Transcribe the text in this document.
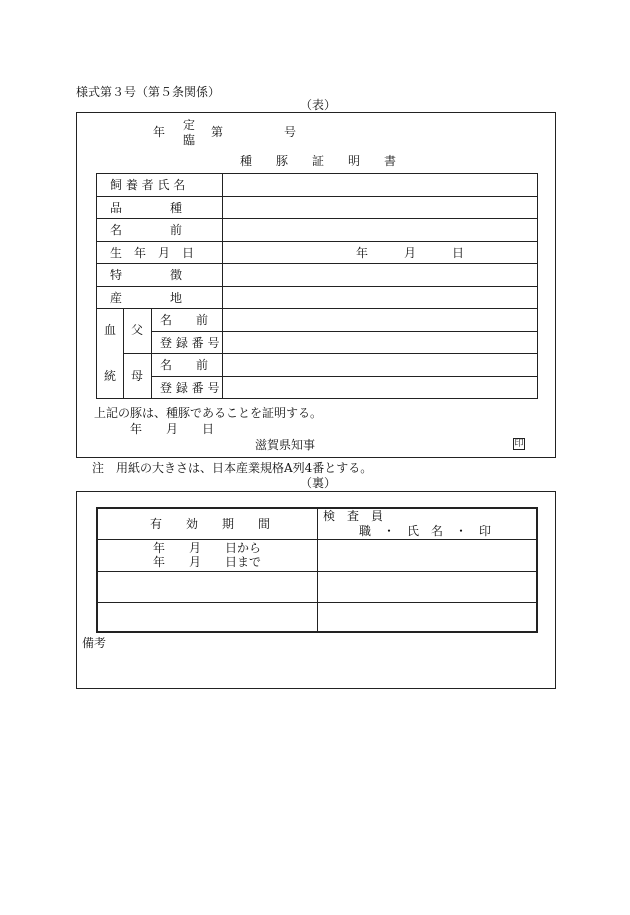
様式第３号（第５条関係）
（表）
年 定
臨
第	号
種　　豚　　証　　明　　書
飼 養 者 氏 名
品　　　　種
名　　　　前
生　年　月　日
特　　　　徴
産　　　　地
年　　　月　　　日
血
統
父
母
名　　前
登 録 番 号
名　　前
登 録 番 号
上記の豚は、種豚であることを証明する。
年　　月　　日
滋賀県知事	印
注　用紙の大きさは、日本産業規格A列4番とする。
（裏）
有　　効　　期　　間
検　査　員
職　・　氏　名　・　印
年　　月　　日から
年　　月　　日まで
備考
